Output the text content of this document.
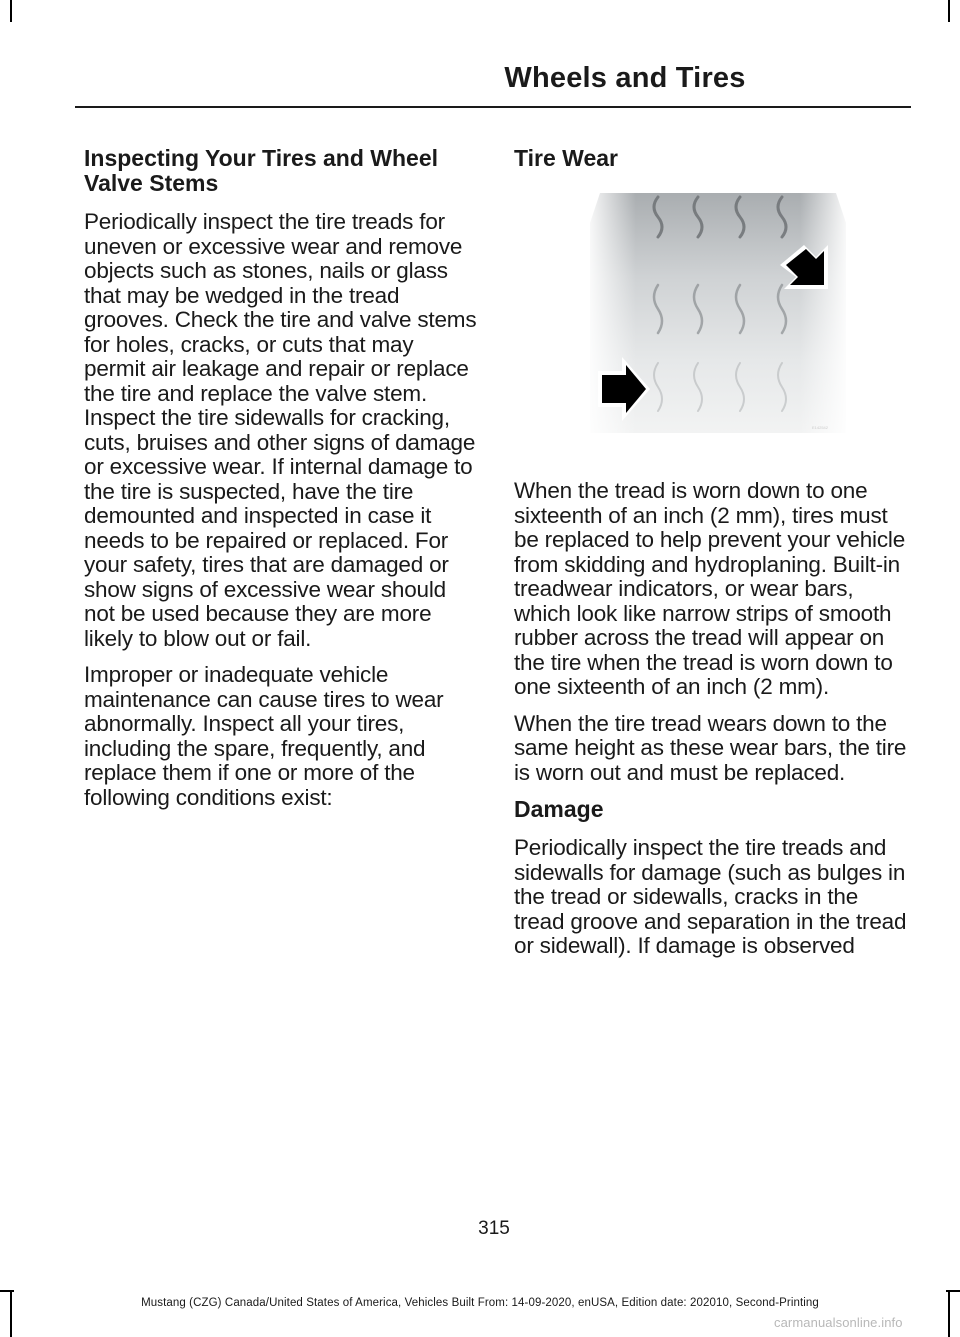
Wheels and Tires
Inspecting Your Tires and Wheel Valve Stems

Periodically inspect the tire treads for uneven or excessive wear and remove objects such as stones, nails or glass that may be wedged in the tread grooves. Check the tire and valve stems for holes, cracks, or cuts that may permit air leakage and repair or replace the tire and replace the valve stem. Inspect the tire sidewalls for cracking, cuts, bruises and other signs of damage or excessive wear. If internal damage to the tire is suspected, have the tire demounted and inspected in case it needs to be repaired or replaced. For your safety, tires that are damaged or show signs of excessive wear should not be used because they are more likely to blow out or fail.

Improper or inadequate vehicle maintenance can cause tires to wear abnormally. Inspect all your tires, including the spare, frequently, and replace them if one or more of the following conditions exist:

Tire Wear
E142542

When the tread is worn down to one sixteenth of an inch (2 mm), tires must be replaced to help prevent your vehicle from skidding and hydroplaning. Built-in treadwear indicators, or wear bars, which look like narrow strips of smooth rubber across the tread will appear on the tire when the tread is worn down to one sixteenth of an inch (2 mm).

When the tire tread wears down to the same height as these wear bars, the tire is worn out and must be replaced.

Damage

Periodically inspect the tire treads and sidewalls for damage (such as bulges in the tread or sidewalls, cracks in the tread groove and separation in the tread or sidewall). If damage is observed

315
Mustang (CZG) Canada/United States of America, Vehicles Built From: 14-09-2020, enUSA, Edition date: 202010, Second-Printing
carmanualsonline.info
